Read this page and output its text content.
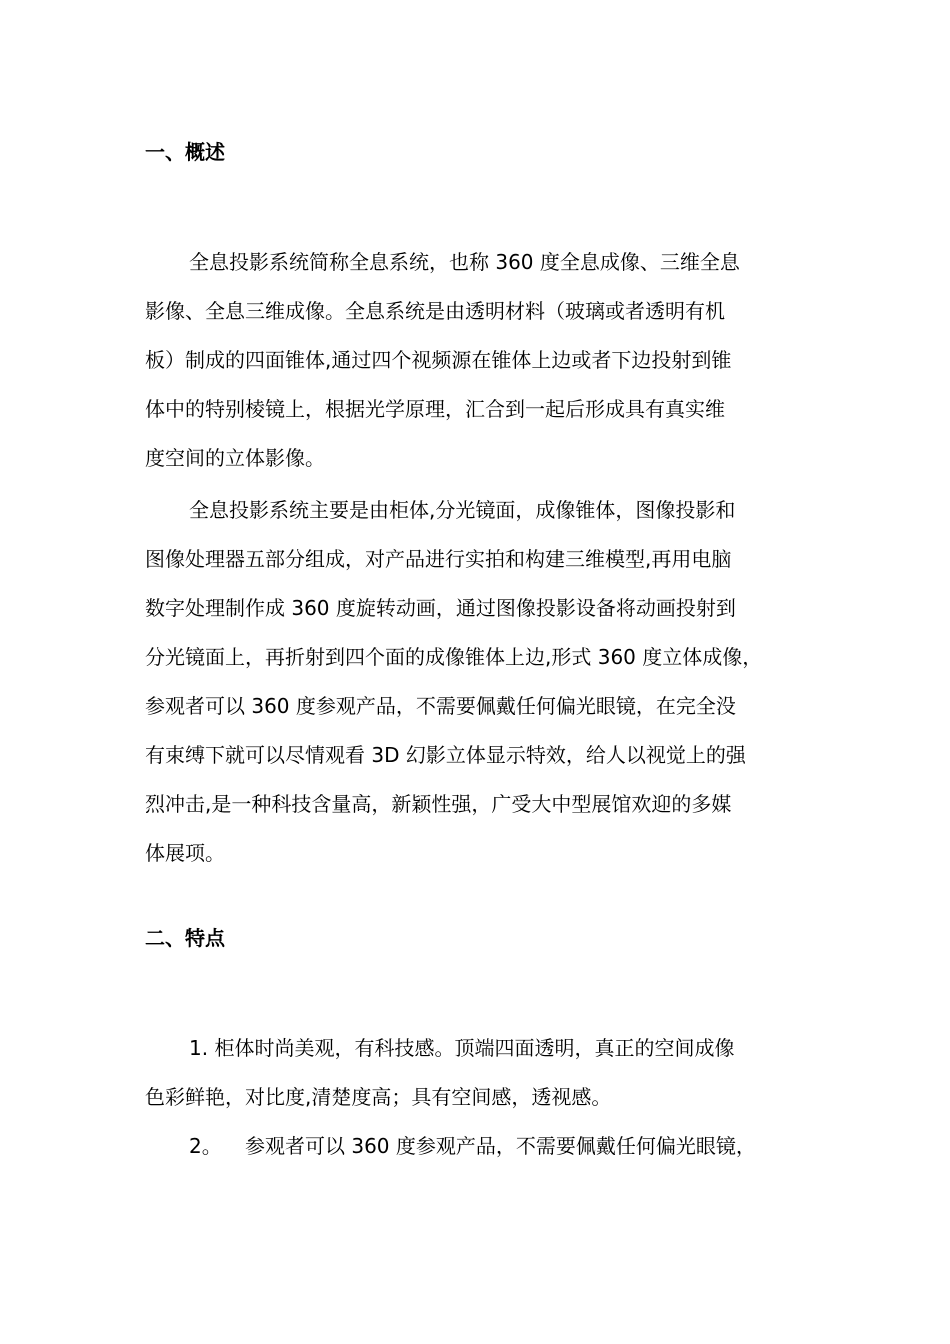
一、概述
全息投影系统简称全息系统，也称 360 度全息成像、三维全息
影像、全息三维成像。全息系统是由透明材料（玻璃或者透明有机
板）制成的四面锥体,通过四个视频源在锥体上边或者下边投射到锥
体中的特别棱镜上，根据光学原理，汇合到一起后形成具有真实维
度空间的立体影像。
全息投影系统主要是由柜体,分光镜面，成像锥体，图像投影和
图像处理器五部分组成，对产品进行实拍和构建三维模型,再用电脑
数字处理制作成 360 度旋转动画，通过图像投影设备将动画投射到
分光镜面上，再折射到四个面的成像锥体上边,形式 360 度立体成像，
参观者可以 360 度参观产品，不需要佩戴任何偏光眼镜，在完全没
有束缚下就可以尽情观看 3D 幻影立体显示特效，给人以视觉上的强
烈冲击,是一种科技含量高，新颖性强，广受大中型展馆欢迎的多媒
体展项。
二、特点
1. 柜体时尚美观，有科技感。顶端四面透明，真正的空间成像
色彩鲜艳，对比度,清楚度高；具有空间感，透视感。
2。 参观者可以 360 度参观产品，不需要佩戴任何偏光眼镜，
